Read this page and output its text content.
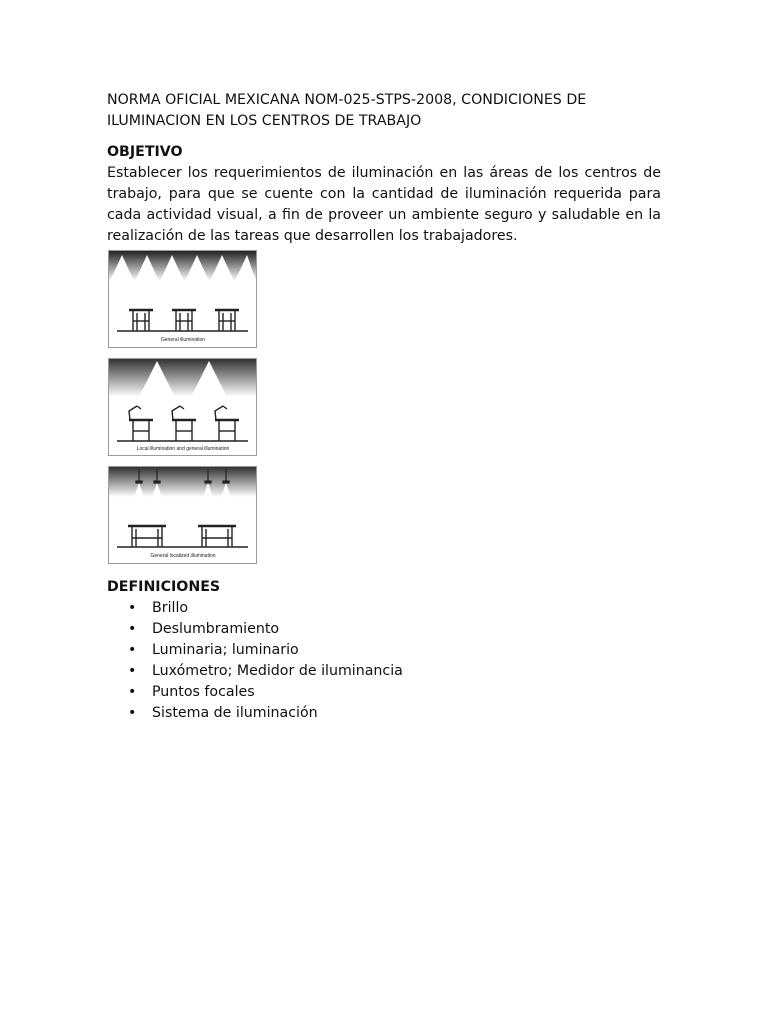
NORMA OFICIAL MEXICANA NOM-025-STPS-2008, CONDICIONES DE ILUMINACION EN LOS CENTROS DE TRABAJO

OBJETIVO

Establecer los requerimientos de iluminación en las áreas de los centros de trabajo, para que se cuente con la cantidad de iluminación requerida para cada actividad visual, a fin de proveer un ambiente seguro y saludable en la realización de las tareas que desarrollen los trabajadores.

General illumination
Local illumination and general illumination
General localized illumination

DEFINICIONES

• Brillo
• Deslumbramiento
• Luminaria; luminario
• Luxómetro; Medidor de iluminancia
• Puntos focales
• Sistema de iluminación
